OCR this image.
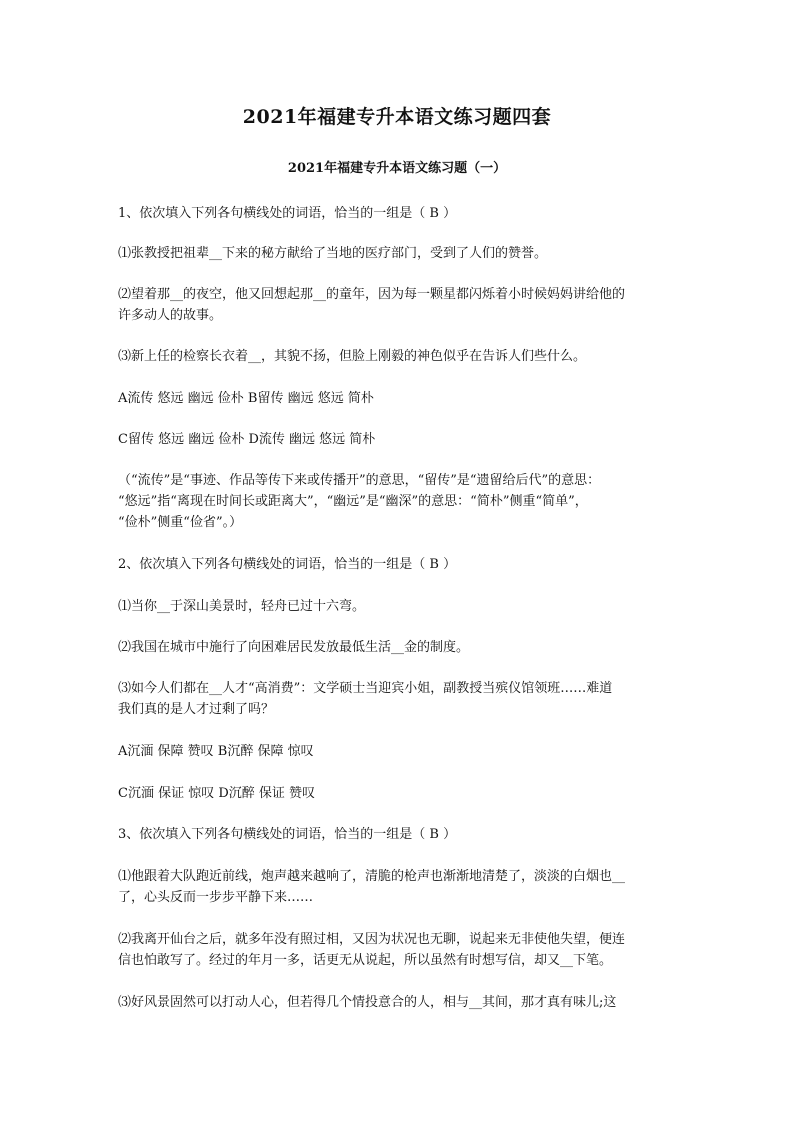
2021年福建专升本语文练习题四套
2021年福建专升本语文练习题（一）
1、依次填入下列各句横线处的词语，恰当的一组是（ B ）
⑴张教授把祖辈__下来的秘方献给了当地的医疗部门，受到了人们的赞誉。
⑵望着那__的夜空，他又回想起那__的童年，因为每一颗星都闪烁着小时候妈妈讲给他的
许多动人的故事。
⑶新上任的检察长衣着__，其貌不扬，但脸上刚毅的神色似乎在告诉人们些什么。
A流传 悠远 幽远 俭朴 B留传 幽远 悠远 简朴
C留传 悠远 幽远 俭朴 D流传 幽远 悠远 简朴
（“流传”是“事迹、作品等传下来或传播开”的意思，“留传”是“遗留给后代”的意思：
“悠远”指“离现在时间长或距离大”，“幽远”是“幽深”的意思：“简朴”侧重“简单”，
“俭朴”侧重“俭省”。）
2、依次填入下列各句横线处的词语，恰当的一组是（ B ）
⑴当你__于深山美景时，轻舟已过十六弯。
⑵我国在城市中施行了向困难居民发放最低生活__金的制度。
⑶如今人们都在__人才“高消费”：文学硕士当迎宾小姐，副教授当殡仪馆领班……难道
我们真的是人才过剩了吗？
A沉湎 保障 赞叹 B沉醉 保障 惊叹
C沉湎 保证 惊叹 D沉醉 保证 赞叹
3、依次填入下列各句横线处的词语，恰当的一组是（ B ）
⑴他跟着大队跑近前线，炮声越来越响了，清脆的枪声也渐渐地清楚了，淡淡的白烟也__
了，心头反而一步步平静下来……
⑵我离开仙台之后，就多年没有照过相，又因为状况也无聊，说起来无非使他失望，便连
信也怕敢写了。经过的年月一多，话更无从说起，所以虽然有时想写信，却又__下笔。
⑶好风景固然可以打动人心，但若得几个情投意合的人，相与__其间，那才真有味儿;这
